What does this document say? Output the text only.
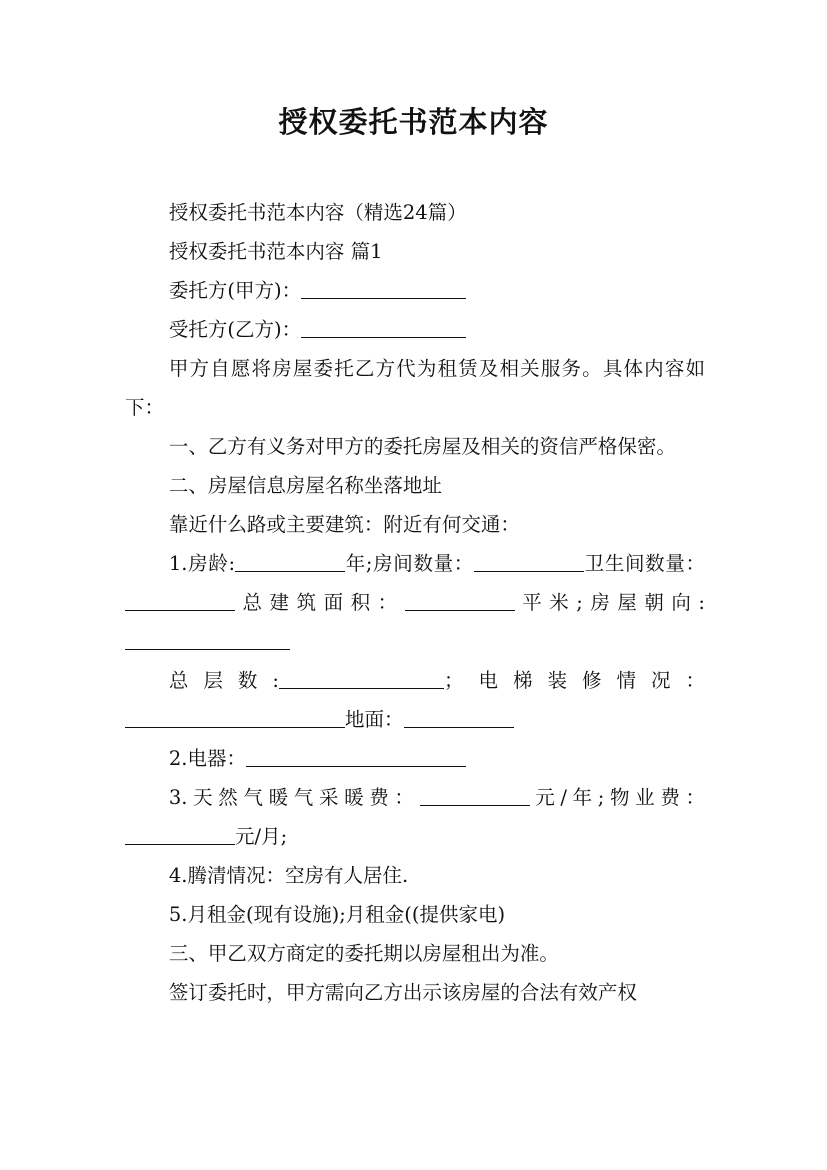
授权委托书范本内容

授权委托书范本内容（精选24篇）

授权委托书范本内容 篇1

委托方(甲方)：

受托方(乙方)：

甲方自愿将房屋委托乙方代为租赁及相关服务。具体内容如下：

一、乙方有义务对甲方的委托房屋及相关的资信严格保密。

二、房屋信息房屋名称坐落地址

靠近什么路或主要建筑：附近有何交通：

1.房龄:	年;房间数量：	卫生间数量：总建筑面积：	平米;房屋朝向:

总层数:	；电梯装修情况：地面：

2.电器：

3.天然气暖气采暖费：	元/年;物业费：元/月;

4.腾清情况：空房有人居住.

5.月租金(现有设施);月租金((提供家电)

三、甲乙双方商定的委托期以房屋租出为准。

签订委托时，甲方需向乙方出示该房屋的合法有效产权
